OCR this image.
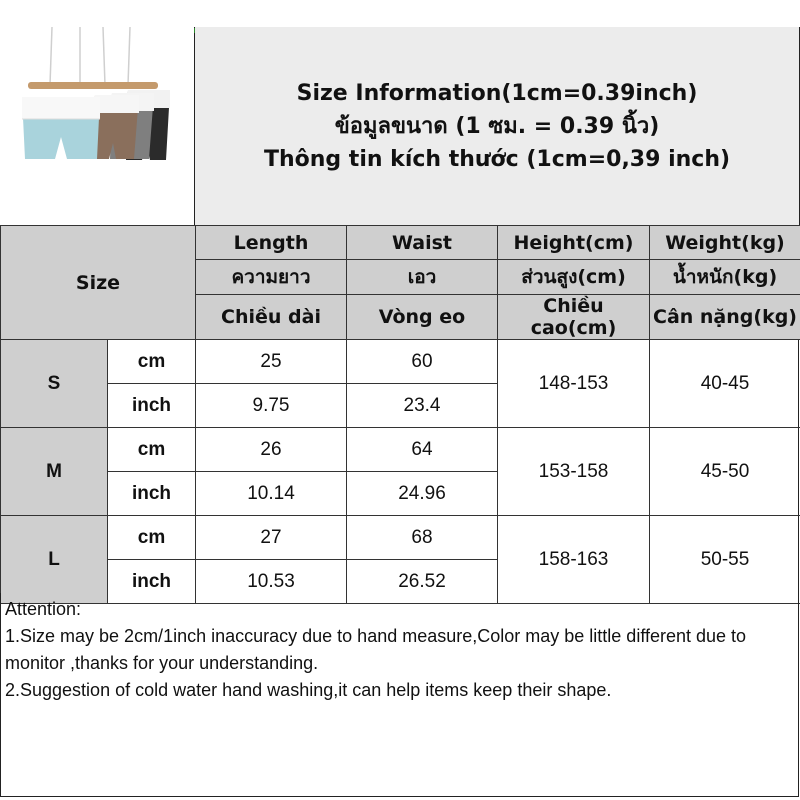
Size Information(1cm=0.39inch)
ข้อมูลขนาด (1 ซม. = 0.39 นิ้ว)
Thông tin kích thước (1cm=0,39 inch)
Size		Length	Waist	Height(cm)	Weight(kg)
		ความยาว	เอว	ส่วนสูง(cm)	น้ำหนัก(kg)
		Chiều dài	Vòng eo	Chiều cao(cm)	Cân nặng(kg)
S	cm	25	60	148-153	40-45
	inch	9.75	23.4		
M	cm	26	64	153-158	45-50
	inch	10.14	24.96		
L	cm	27	68	158-163	50-55
	inch	10.53	26.52		

Attention:

1.Size may be 2cm/1inch inaccuracy due to hand measure,Color may be little different due to monitor ,thanks for your understanding.

2.Suggestion of cold water hand washing,it can help items keep their shape.
